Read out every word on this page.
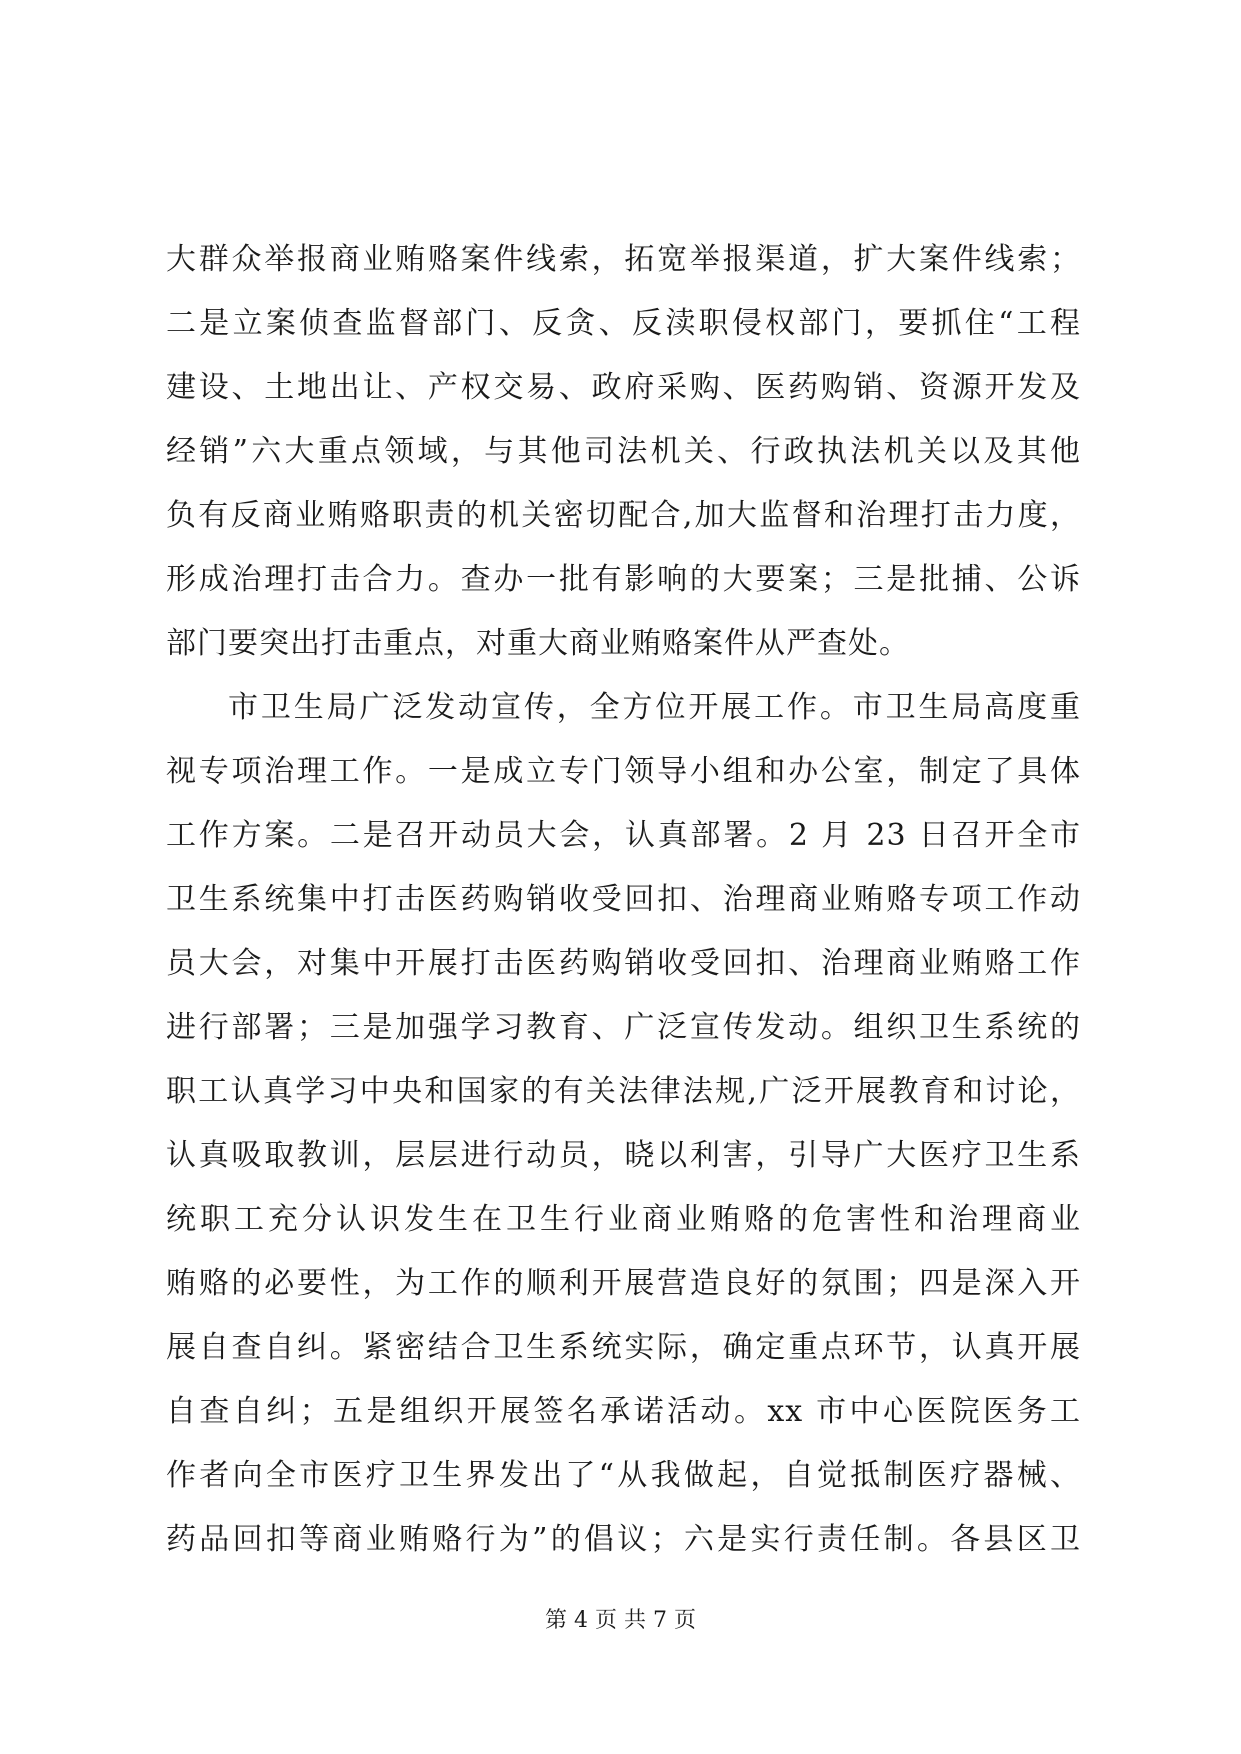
大群众举报商业贿赂案件线索，拓宽举报渠道，扩大案件线索；
二是立案侦查监督部门、反贪、反渎职侵权部门，要抓住“工程
建设、土地出让、产权交易、政府采购、医药购销、资源开发及
经销”六大重点领域，与其他司法机关、行政执法机关以及其他
负有反商业贿赂职责的机关密切配合,加大监督和治理打击力度，
形成治理打击合力。查办一批有影响的大要案；三是批捕、公诉
部门要突出打击重点，对重大商业贿赂案件从严查处。
市卫生局广泛发动宣传，全方位开展工作。市卫生局高度重
视专项治理工作。一是成立专门领导小组和办公室，制定了具体
工作方案。二是召开动员大会，认真部署。2 月 23 日召开全市
卫生系统集中打击医药购销收受回扣、治理商业贿赂专项工作动
员大会，对集中开展打击医药购销收受回扣、治理商业贿赂工作
进行部署；三是加强学习教育、广泛宣传发动。组织卫生系统的
职工认真学习中央和国家的有关法律法规,广泛开展教育和讨论，
认真吸取教训，层层进行动员，晓以利害，引导广大医疗卫生系
统职工充分认识发生在卫生行业商业贿赂的危害性和治理商业
贿赂的必要性，为工作的顺利开展营造良好的氛围；四是深入开
展自查自纠。紧密结合卫生系统实际，确定重点环节，认真开展
自查自纠；五是组织开展签名承诺活动。xx 市中心医院医务工
作者向全市医疗卫生界发出了“从我做起，自觉抵制医疗器械、
药品回扣等商业贿赂行为”的倡议；六是实行责任制。各县区卫
第 4 页 共 7 页
